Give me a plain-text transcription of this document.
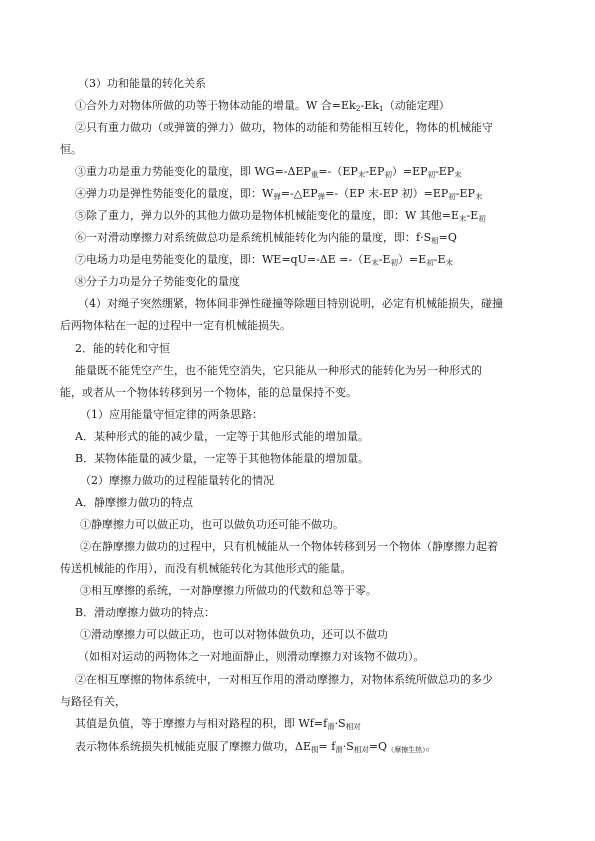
（3）功和能量的转化关系
①合外力对物体所做的功等于物体动能的增量。W 合$=Ek_2-Ek_1$（动能定理）
②只有重力做功（或弹簧的弹力）做功，物体的动能和势能相互转化，物体的机械能守
恒。
③重力功是重力势能变化的量度，即 $WG=-\Delta EP_重=-(EP_末-EP_初)=EP_初-EP_末$
④弹力功是弹性势能变化的量度，即：$W_弹=-\triangle EP_弹=-(EP$ 末-EP 初）$=EP_初-EP_末$
⑤除了重力，弹力以外的其他力做功是物体机械能变化的量度，即：W 其他$=E_末-E_初$
⑥一对滑动摩擦力对系统做总功是系统机械能转化为内能的量度，即：$f\cdot S_相=Q$
⑦电场力功是电势能变化的量度，即：$WE=qU=-\Delta E =-(E_末-E_初)=E_初-E_末$
⑧分子力功是分子势能变化的量度
（4）对绳子突然绷紧，物体间非弹性碰撞等除题目特别说明，必定有机械能损失，碰撞
后两物体粘在一起的过程中一定有机械能损失。
2．能的转化和守恒
能量既不能凭空产生，也不能凭空消失，它只能从一种形式的能转化为另一种形式的
能，或者从一个物体转移到另一个物体，能的总量保持不变。
（1）应用能量守恒定律的两条思路：
A．某种形式的能的减少量，一定等于其他形式能的增加量。
B．某物体能量的减少量，一定等于其他物体能量的增加量。
（2）摩擦力做功的过程能量转化的情况
A．静摩擦力做功的特点
①静摩擦力可以做正功，也可以做负功还可能不做功。
②在静摩擦力做功的过程中，只有机械能从一个物体转移到另一个物体（静摩擦力起着
传送机械能的作用），而没有机械能转化为其他形式的能量。
③相互摩擦的系统，一对静摩擦力所做功的代数和总等于零。
B．滑动摩擦力做功的特点：
①滑动摩擦力可以做正功，也可以对物体做负功，还可以不做功
（如相对运动的两物体之一对地面静止，则滑动摩擦力对该物不做功）。
②在相互摩擦的物体系统中，一对相互作用的滑动摩擦力，对物体系统所做总功的多少
与路径有关，
其值是负值，等于摩擦力与相对路程的积，即 $Wf=f_滑\cdot S_{相对}$
表示物体系统损失机械能克服了摩擦力做功，$\Delta E_损= f_滑\cdot S_{相对}=Q_{(摩擦生热)}$。
